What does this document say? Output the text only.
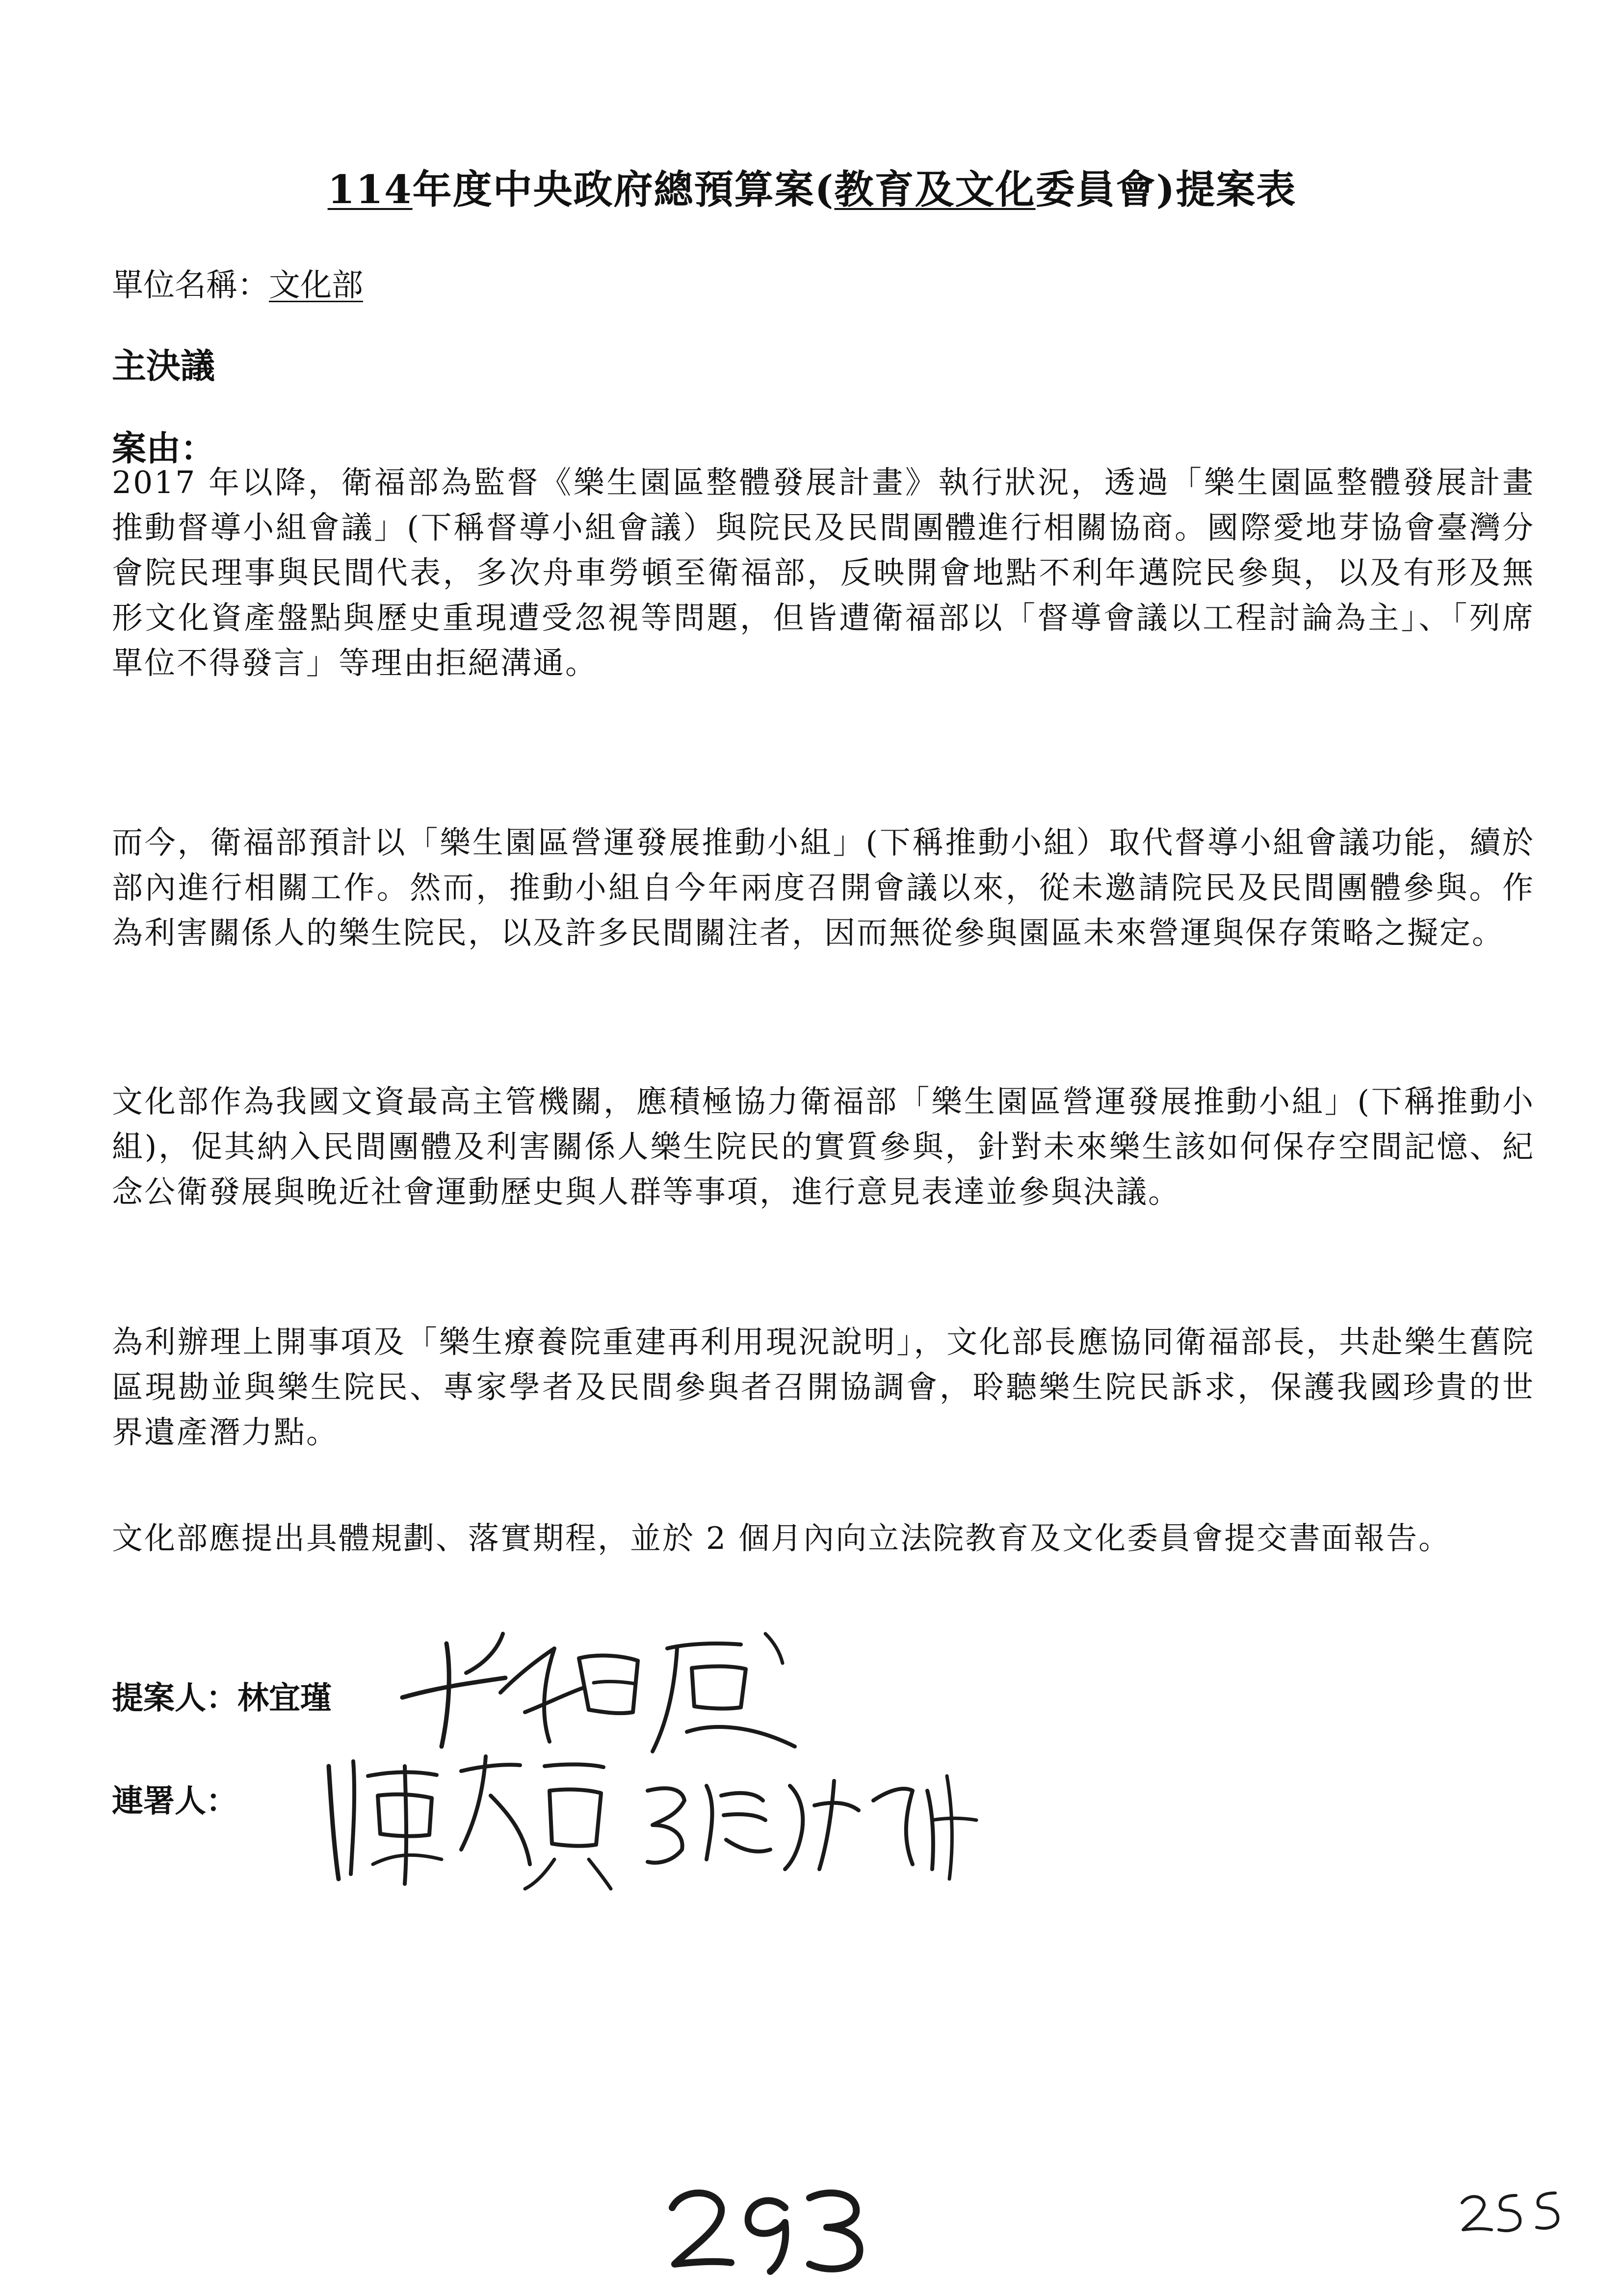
114年度中央政府總預算案(教育及文化委員會)提案表
單位名稱：文化部
主決議
案由：
2017 年以降，衛福部為監督《樂生園區整體發展計畫》執行狀況，透過「樂生園區整體發展計畫推動督導小組會議」(下稱督導小組會議）與院民及民間團體進行相關協商。國際愛地芽協會臺灣分會院民理事與民間代表，多次舟車勞頓至衛福部，反映開會地點不利年邁院民參與，以及有形及無形文化資產盤點與歷史重現遭受忽視等問題，但皆遭衛福部以「督導會議以工程討論為主」、「列席單位不得發言」等理由拒絕溝通。
而今，衛福部預計以「樂生園區營運發展推動小組」(下稱推動小組）取代督導小組會議功能，續於部內進行相關工作。然而，推動小組自今年兩度召開會議以來，從未邀請院民及民間團體參與。作為利害關係人的樂生院民，以及許多民間關注者，因而無從參與園區未來營運與保存策略之擬定。
文化部作為我國文資最高主管機關，應積極協力衛福部「樂生園區營運發展推動小組」(下稱推動小組)，促其納入民間團體及利害關係人樂生院民的實質參與，針對未來樂生該如何保存空間記憶、紀念公衛發展與晚近社會運動歷史與人群等事項，進行意見表達並參與決議。
為利辦理上開事項及「樂生療養院重建再利用現況說明」，文化部長應協同衛福部長，共赴樂生舊院區現勘並與樂生院民、專家學者及民間參與者召開協調會，聆聽樂生院民訴求，保護我國珍貴的世界遺產潛力點。
文化部應提出具體規劃、落實期程，並於 2 個月內向立法院教育及文化委員會提交書面報告。
提案人：林宜瑾
連署人：
